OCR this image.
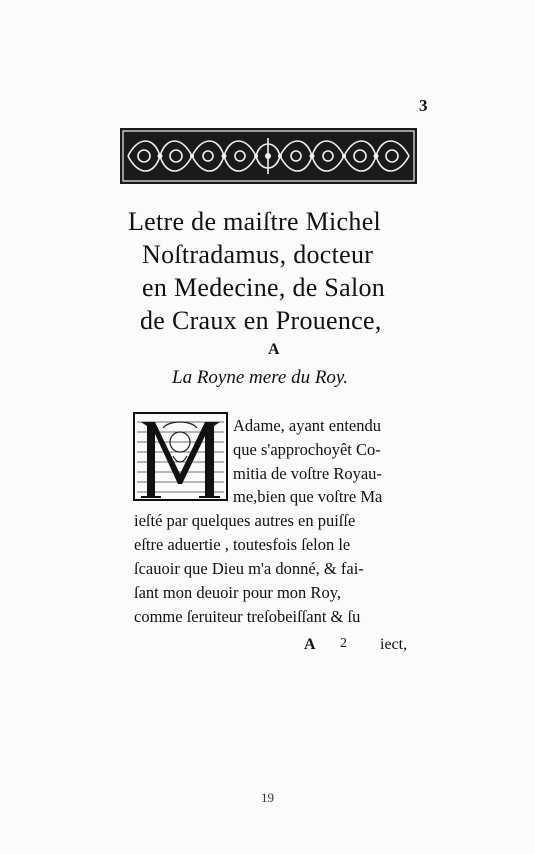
3
Letre de maiſtre Michel
Noſtradamus, docteur
en Medecine, de Salon
de Craux en Prouence,
A
La Royne mere du Roy.
Adame, ayant entendu
que s'approchoyêt Co-
mitia de voſtre Royau-
me,bien que voſtre Ma
ieſté par quelques autres en puiſſe
eſtre aduertie , toutesfois ſelon le
ſcauoir que Dieu m'a donné, & fai-
ſant mon deuoir pour mon Roy,
comme ſeruiteur treſobeiſſant & ſu
A 2 iect,
19
